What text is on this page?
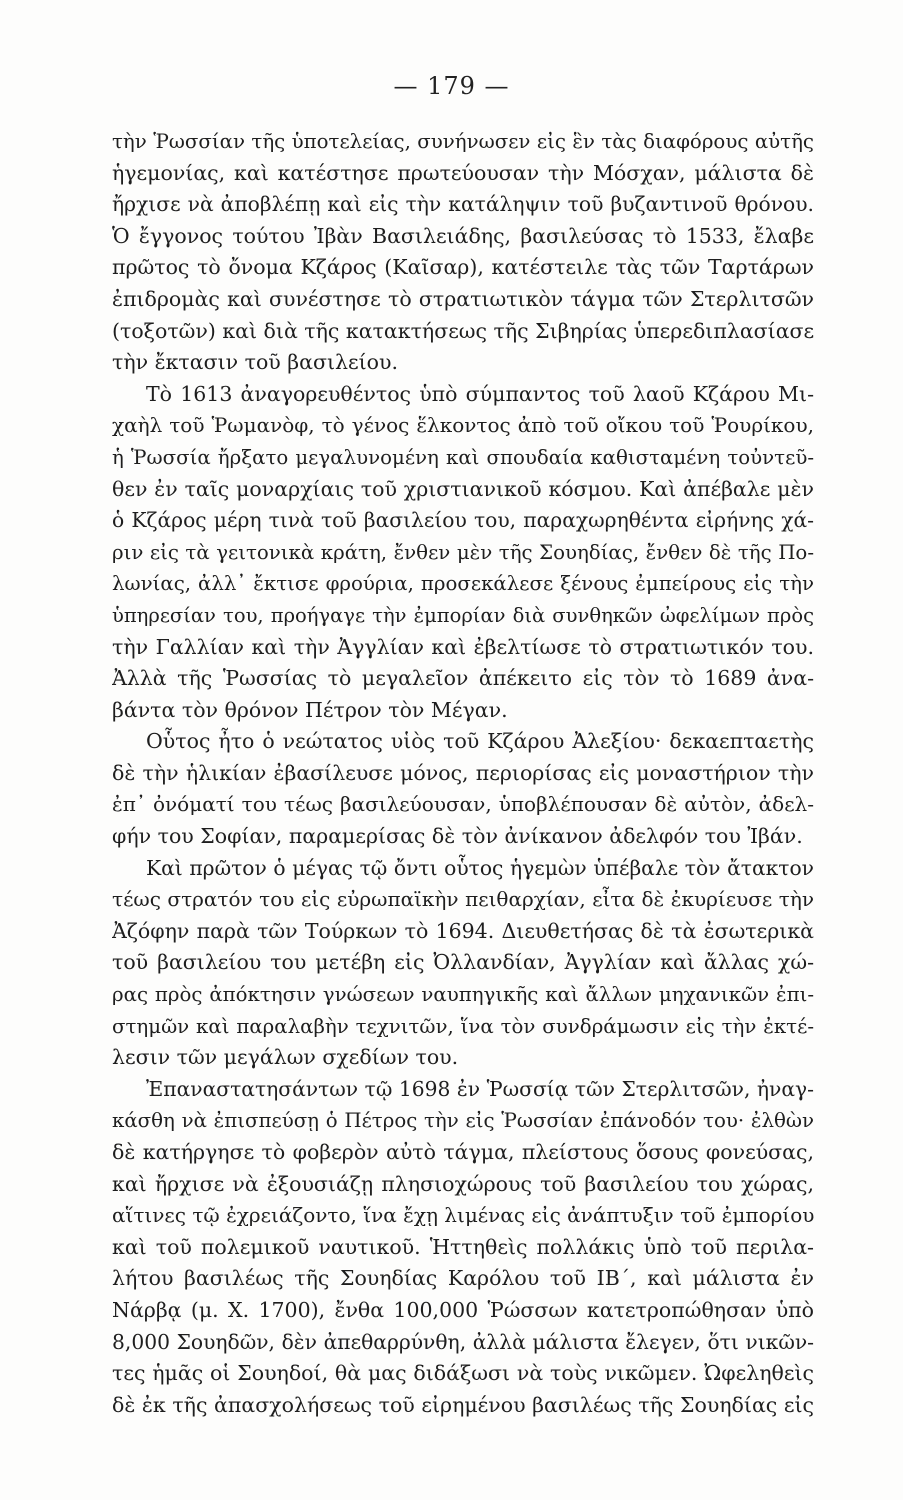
— 179 —

τὴν Ῥωσσίαν τῆς ὑποτελείας, συνήνωσεν εἰς ἓν τὰς διαφόρους αὐτῆς
ἡγεμονίας, καὶ κατέστησε πρωτεύουσαν τὴν Μόσχαν, μάλιστα δὲ
ἤρχισε νὰ ἀποβλέπῃ καὶ εἰς τὴν κατάληψιν τοῦ βυζαντινοῦ θρόνου.
Ὁ ἔγγονος τούτου Ἰβὰν Βασιλειάδης, βασιλεύσας τὸ 1533, ἔλαβε
πρῶτος τὸ ὄνομα Κζάρος (Καῖσαρ), κατέστειλε τὰς τῶν Ταρτάρων
ἐπιδρομὰς καὶ συνέστησε τὸ στρατιωτικὸν τάγμα τῶν Στερλιτσῶν
(τοξοτῶν) καὶ διὰ τῆς κατακτήσεως τῆς Σιβηρίας ὑπερεδιπλασίασε
τὴν ἔκτασιν τοῦ βασιλείου.
Τὸ 1613 ἀναγορευθέντος ὑπὸ σύμπαντος τοῦ λαοῦ Κζάρου Μι-
χαὴλ τοῦ Ῥωμανὸφ, τὸ γένος ἕλκοντος ἀπὸ τοῦ οἴκου τοῦ Ῥουρίκου,
ἡ Ῥωσσία ἤρξατο μεγαλυνομένη καὶ σπουδαία καθισταμένη τοὐντεῦ-
θεν ἐν ταῖς μοναρχίαις τοῦ χριστιανικοῦ κόσμου. Καὶ ἀπέβαλε μὲν
ὁ Κζάρος μέρη τινὰ τοῦ βασιλείου του, παραχωρηθέντα εἰρήνης χά-
ριν εἰς τὰ γειτονικὰ κράτη, ἔνθεν μὲν τῆς Σουηδίας, ἔνθεν δὲ τῆς Πο-
λωνίας, ἀλλ᾽ ἔκτισε φρούρια, προσεκάλεσε ξένους ἐμπείρους εἰς τὴν
ὑπηρεσίαν του, προήγαγε τὴν ἐμπορίαν διὰ συνθηκῶν ὠφελίμων πρὸς
τὴν Γαλλίαν καὶ τὴν Ἀγγλίαν καὶ ἐβελτίωσε τὸ στρατιωτικόν του.
Ἀλλὰ τῆς Ῥωσσίας τὸ μεγαλεῖον ἀπέκειτο εἰς τὸν τὸ 1689 ἀνα-
βάντα τὸν θρόνον Πέτρον τὸν Μέγαν.
Οὗτος ἦτο ὁ νεώτατος υἱὸς τοῦ Κζάρου Ἀλεξίου· δεκαεπταετὴς
δὲ τὴν ἡλικίαν ἐβασίλευσε μόνος, περιορίσας εἰς μοναστήριον τὴν
ἐπ᾽ ὀνόματί του τέως βασιλεύουσαν, ὑποβλέπουσαν δὲ αὐτὸν, ἀδελ-
φήν του Σοφίαν, παραμερίσας δὲ τὸν ἀνίκανον ἀδελφόν του Ἰβάν.
Καὶ πρῶτον ὁ μέγας τῷ ὄντι οὗτος ἡγεμὼν ὑπέβαλε τὸν ἄτακτον
τέως στρατόν του εἰς εὐρωπαϊκὴν πειθαρχίαν, εἶτα δὲ ἐκυρίευσε τὴν
Ἀζόφην παρὰ τῶν Τούρκων τὸ 1694. Διευθετήσας δὲ τὰ ἐσωτερικὰ
τοῦ βασιλείου του μετέβη εἰς Ὀλλανδίαν, Ἀγγλίαν καὶ ἄλλας χώ-
ρας πρὸς ἀπόκτησιν γνώσεων ναυπηγικῆς καὶ ἄλλων μηχανικῶν ἐπι-
στημῶν καὶ παραλαβὴν τεχνιτῶν, ἵνα τὸν συνδράμωσιν εἰς τὴν ἐκτέ-
λεσιν τῶν μεγάλων σχεδίων του.
Ἐπαναστατησάντων τῷ 1698 ἐν Ῥωσσίᾳ τῶν Στερλιτσῶν, ἠναγ-
κάσθη νὰ ἐπισπεύσῃ ὁ Πέτρος τὴν εἰς Ῥωσσίαν ἐπάνοδόν του· ἐλθὼν
δὲ κατήργησε τὸ φοβερὸν αὐτὸ τάγμα, πλείστους ὅσους φονεύσας,
καὶ ἤρχισε νὰ ἐξουσιάζῃ πλησιοχώρους τοῦ βασιλείου του χώρας,
αἵτινες τῷ ἐχρειάζοντο, ἵνα ἔχῃ λιμένας εἰς ἀνάπτυξιν τοῦ ἐμπορίου
καὶ τοῦ πολεμικοῦ ναυτικοῦ. Ἡττηθεὶς πολλάκις ὑπὸ τοῦ περιλα-
λήτου βασιλέως τῆς Σουηδίας Καρόλου τοῦ ΙΒ´, καὶ μάλιστα ἐν
Νάρβᾳ (μ. Χ. 1700), ἔνθα 100,000 Ῥώσσων κατετροπώθησαν ὑπὸ
8,000 Σουηδῶν, δὲν ἀπεθαρρύνθη, ἀλλὰ μάλιστα ἔλεγεν, ὅτι νικῶν-
τες ἡμᾶς οἱ Σουηδοί, θὰ μας διδάξωσι νὰ τοὺς νικῶμεν. Ὠφεληθεὶς
δὲ ἐκ τῆς ἀπασχολήσεως τοῦ εἰρημένου βασιλέως τῆς Σουηδίας εἰς
